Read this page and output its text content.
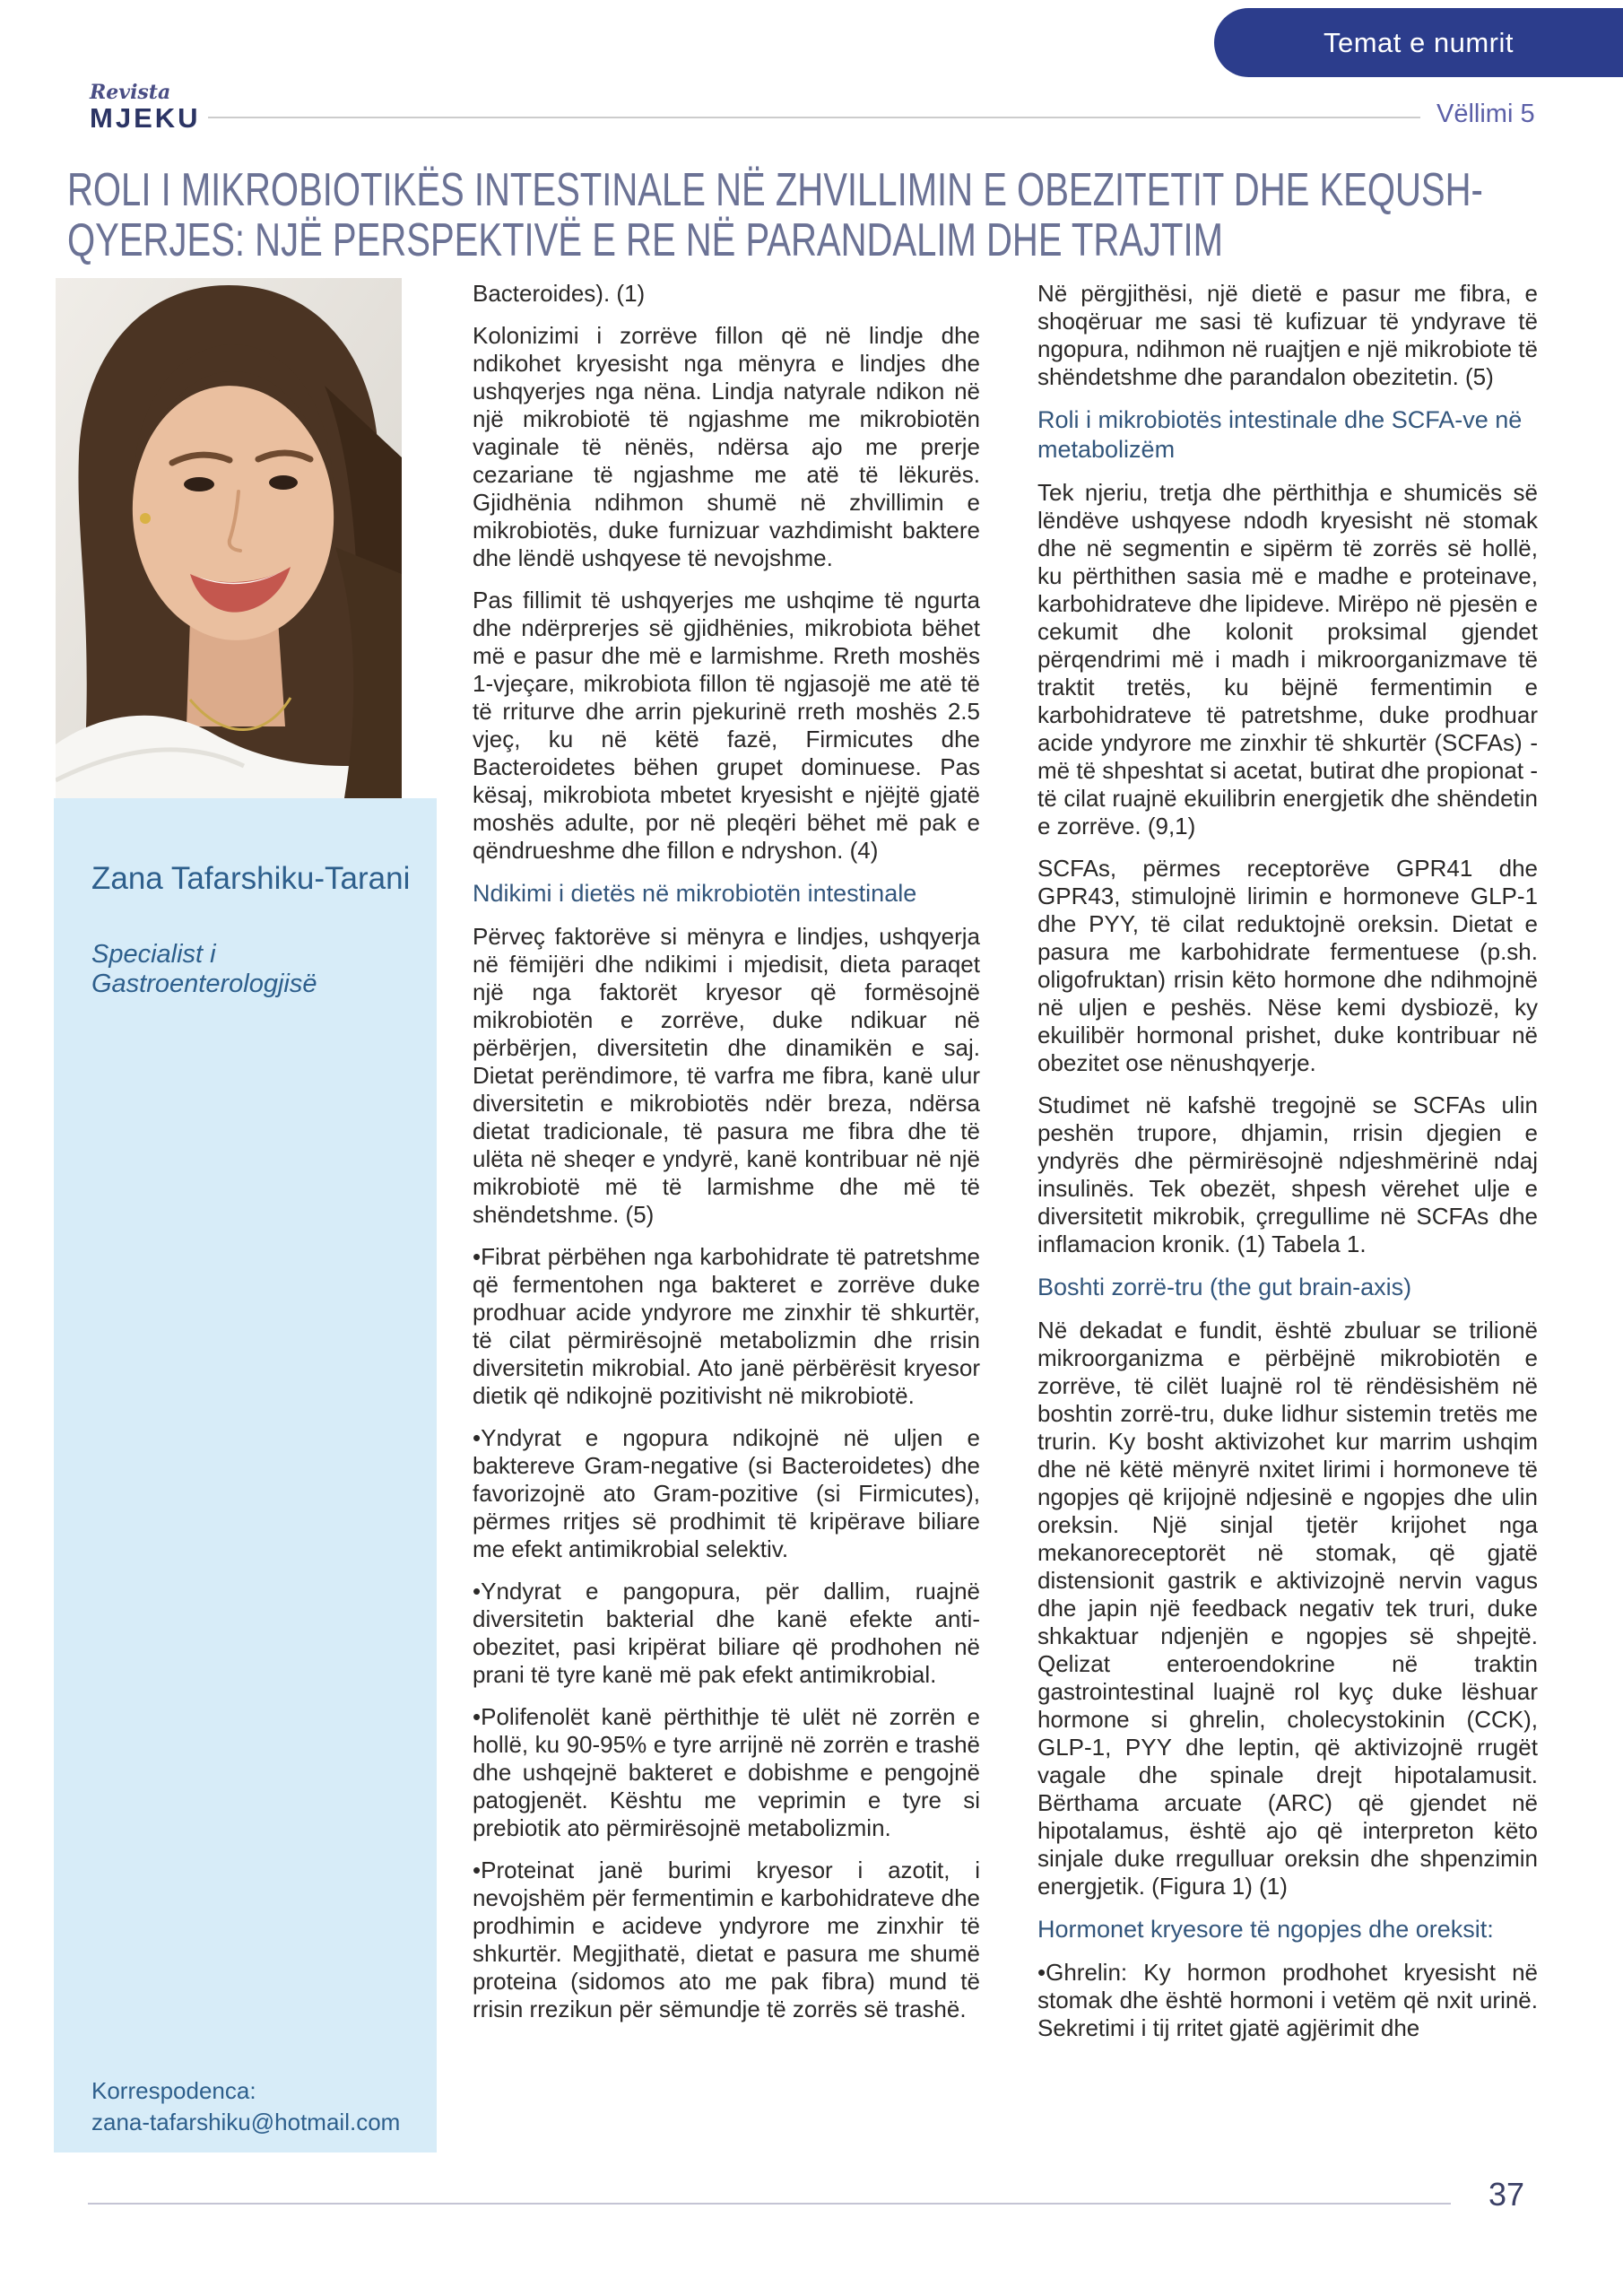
Temat e numrit
Revista
MJEKU	Vëllimi 5
ROLI I MIKROBIOTIKËS INTESTINALE NË ZHVILLIMIN E OBEZITETIT DHE KEQUSH-
QYERJES: NJË PERSPEKTIVË E RE NË PARANDALIM DHE TRAJTIM
Zana Tafarshiku-Tarani
Specialist i Gastroenterologjisë
Korrespodenca:
zana-tafarshiku@hotmail.com

Bacteroides). (1)

Kolonizimi i zorrëve fillon që në lindje dhe ndikohet kryesisht nga mënyra e lindjes dhe ushqyerjes nga nëna. Lindja natyrale ndikon në një mikrobiotë të ngjashme me mikrobiotën vaginale të nënës, ndërsa ajo me prerje cezariane të ngjashme me atë të lëkurës. Gjidhënia ndihmon shumë në zhvillimin e mikrobiotës, duke furnizuar vazhdimisht baktere dhe lëndë ushqyese të nevojshme.

Pas fillimit të ushqyerjes me ushqime të ngurta dhe ndërprerjes së gjidhënies, mikrobiota bëhet më e pasur dhe më e larmishme. Rreth moshës 1-vjeçare, mikrobiota fillon të ngjasojë me atë të të rriturve dhe arrin pjekurinë rreth moshës 2.5 vjeç, ku në këtë fazë, Firmicutes dhe Bacteroidetes bëhen grupet dominuese. Pas kësaj, mikrobiota mbetet kryesisht e njëjtë gjatë moshës adulte, por në pleqëri bëhet më pak e qëndrueshme dhe fillon e ndryshon. (4)

Ndikimi i dietës në mikrobiotën intestinale

Përveç faktorëve si mënyra e lindjes, ushqyerja në fëmijëri dhe ndikimi i mjedisit, dieta paraqet një nga faktorët kryesor që formësojnë mikrobiotën e zorrëve, duke ndikuar në përbërjen, diversitetin dhe dinamikën e saj. Dietat perëndimore, të varfra me fibra, kanë ulur diversitetin e mikrobiotës ndër breza, ndërsa dietat tradicionale, të pasura me fibra dhe të ulëta në sheqer e yndyrë, kanë kontribuar në një mikrobiotë më të larmishme dhe më të shëndetshme. (5)

•Fibrat përbëhen nga karbohidrate të patretshme që fermentohen nga bakteret e zorrëve duke prodhuar acide yndyrore me zinxhir të shkurtër, të cilat përmirësojnë metabolizmin dhe rrisin diversitetin mikrobial. Ato janë përbërësit kryesor dietik që ndikojnë pozitivisht në mikrobiotë.

•Yndyrat e ngopura ndikojnë në uljen e baktereve Gram-negative (si Bacteroidetes) dhe favorizojnë ato Gram-pozitive (si Firmicutes), përmes rritjes së prodhimit të kripërave biliare me efekt antimikrobial selektiv.

•Yndyrat e pangopura, për dallim, ruajnë diversitetin bakterial dhe kanë efekte anti-obezitet, pasi kripërat biliare që prodhohen në prani të tyre kanë më pak efekt antimikrobial.

•Polifenolët kanë përthithje të ulët në zorrën e hollë, ku 90-95% e tyre arrijnë në zorrën e trashë dhe ushqejnë bakteret e dobishme e pengojnë patogjenët. Kështu me veprimin e tyre si prebiotik ato përmirësojnë metabolizmin.

•Proteinat janë burimi kryesor i azotit, i nevojshëm për fermentimin e karbohidrateve dhe prodhimin e acideve yndyrore me zinxhir të shkurtër. Megjithatë, dietat e pasura me shumë proteina (sidomos ato me pak fibra) mund të rrisin rrezikun për sëmundje të zorrës së trashë.

Në përgjithësi, një dietë e pasur me fibra, e shoqëruar me sasi të kufizuar të yndyrave të ngopura, ndihmon në ruajtjen e një mikrobiote të shëndetshme dhe parandalon obezitetin. (5)

Roli i mikrobiotës intestinale dhe SCFA-ve në metabolizëm

Tek njeriu, tretja dhe përthithja e shumicës së lëndëve ushqyese ndodh kryesisht në stomak dhe në segmentin e sipërm të zorrës së hollë, ku përthithen sasia më e madhe e proteinave, karbohidrateve dhe lipideve. Mirëpo në pjesën e cekumit dhe kolonit proksimal gjendet përqendrimi më i madh i mikroorganizmave të traktit tretës, ku bëjnë fermentimin e karbohidrateve të patretshme, duke prodhuar acide yndyrore me zinxhir të shkurtër (SCFAs) - më të shpeshtat si acetat, butirat dhe propionat - të cilat ruajnë ekuilibrin energjetik dhe shëndetin e zorrëve. (9,1)

SCFAs, përmes receptorëve GPR41 dhe GPR43, stimulojnë lirimin e hormoneve GLP-1 dhe PYY, të cilat reduktojnë oreksin. Dietat e pasura me karbohidrate fermentuese (p.sh. oligofruktan) rrisin këto hormone dhe ndihmojnë në uljen e peshës. Nëse kemi dysbiozë, ky ekuilibër hormonal prishet, duke kontribuar në obezitet ose nënushqyerje.

Studimet në kafshë tregojnë se SCFAs ulin peshën trupore, dhjamin, rrisin djegien e yndyrës dhe përmirësojnë ndjeshmërinë ndaj insulinës. Tek obezët, shpesh vërehet ulje e diversitetit mikrobik, çrregullime në SCFAs dhe inflamacion kronik. (1) Tabela 1.

Boshti zorrë-tru (the gut brain-axis)

Në dekadat e fundit, është zbuluar se trilionë mikroorganizma e përbëjnë mikrobiotën e zorrëve, të cilët luajnë rol të rëndësishëm në boshtin zorrë-tru, duke lidhur sistemin tretës me trurin. Ky bosht aktivizohet kur marrim ushqim dhe në këtë mënyrë nxitet lirimi i hormoneve të ngopjes që krijojnë ndjesinë e ngopjes dhe ulin oreksin. Një sinjal tjetër krijohet nga mekanoreceptorët në stomak, që gjatë distensionit gastrik e aktivizojnë nervin vagus dhe japin një feedback negativ tek truri, duke shkaktuar ndjenjën e ngopjes së shpejtë. Qelizat enteroendokrine në traktin gastrointestinal luajnë rol kyç duke lëshuar hormone si ghrelin, cholecystokinin (CCK), GLP-1, PYY dhe leptin, që aktivizojnë rrugët vagale dhe spinale drejt hipotalamusit. Bërthama arcuate (ARC) që gjendet në hipotalamus, është ajo që interpreton këto sinjale duke rregulluar oreksin dhe shpenzimin energjetik. (Figura 1) (1)

Hormonet kryesore të ngopjes dhe oreksit:

•Ghrelin: Ky hormon prodhohet kryesisht në stomak dhe është hormoni i vetëm që nxit urinë. Sekretimi i tij rritet gjatë agjërimit dhe

37
